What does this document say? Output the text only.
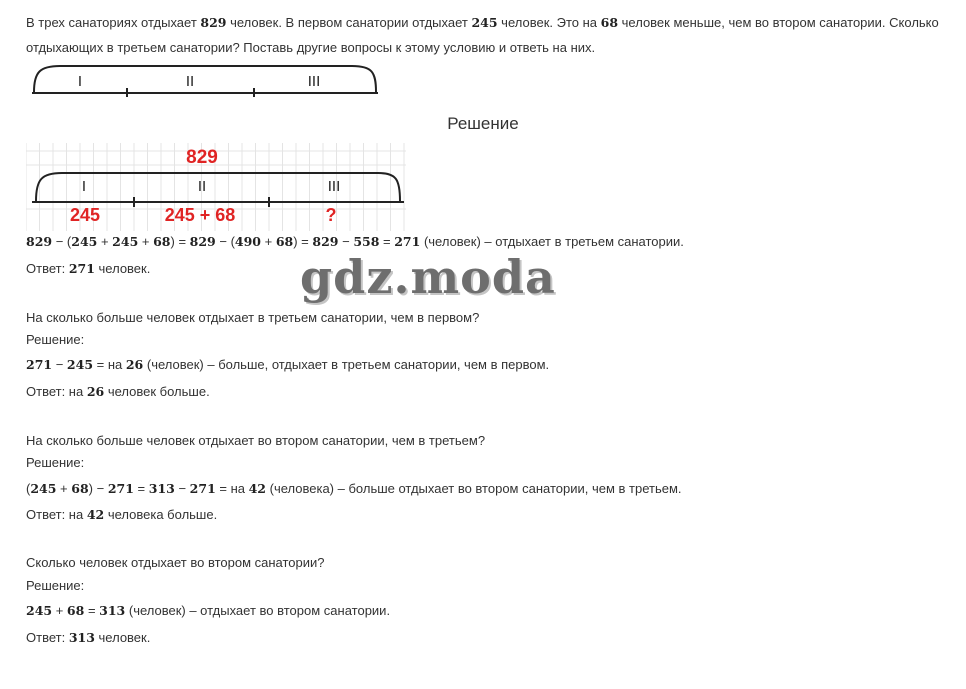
В трех санаториях отдыхает 829 человек. В первом санатории отдыхает 245 человек. Это на 68 человек меньше, чем во втором санатории. Сколько

отдыхающих в третьем санатории? Поставь другие вопросы к этому условию и ответь на них.

I	II	III
Решение
829
I	II	III
245	245 + 68	?

829 − (245 + 245 + 68) = 829 − (490 + 68) = 829 − 558 = 271 (человек) – отдыхает в третьем санатории.

Ответ: 271 человек.	gdz.moda

На сколько больше человек отдыхает в третьем санатории, чем в первом?

Решение:

271 − 245 = на 26 (человек) – больше, отдыхает в третьем санатории, чем в первом.

Ответ: на 26 человек больше.

На сколько больше человек отдыхает во втором санатории, чем в третьем?

Решение:

(245 + 68) − 271 = 313 − 271 = на 42 (человека) – больше отдыхает во втором санатории, чем в третьем.

Ответ: на 42 человека больше.

Сколько человек отдыхает во втором санатории?

Решение:

245 + 68 = 313 (человек) – отдыхает во втором санатории.

Ответ: 313 человек.
